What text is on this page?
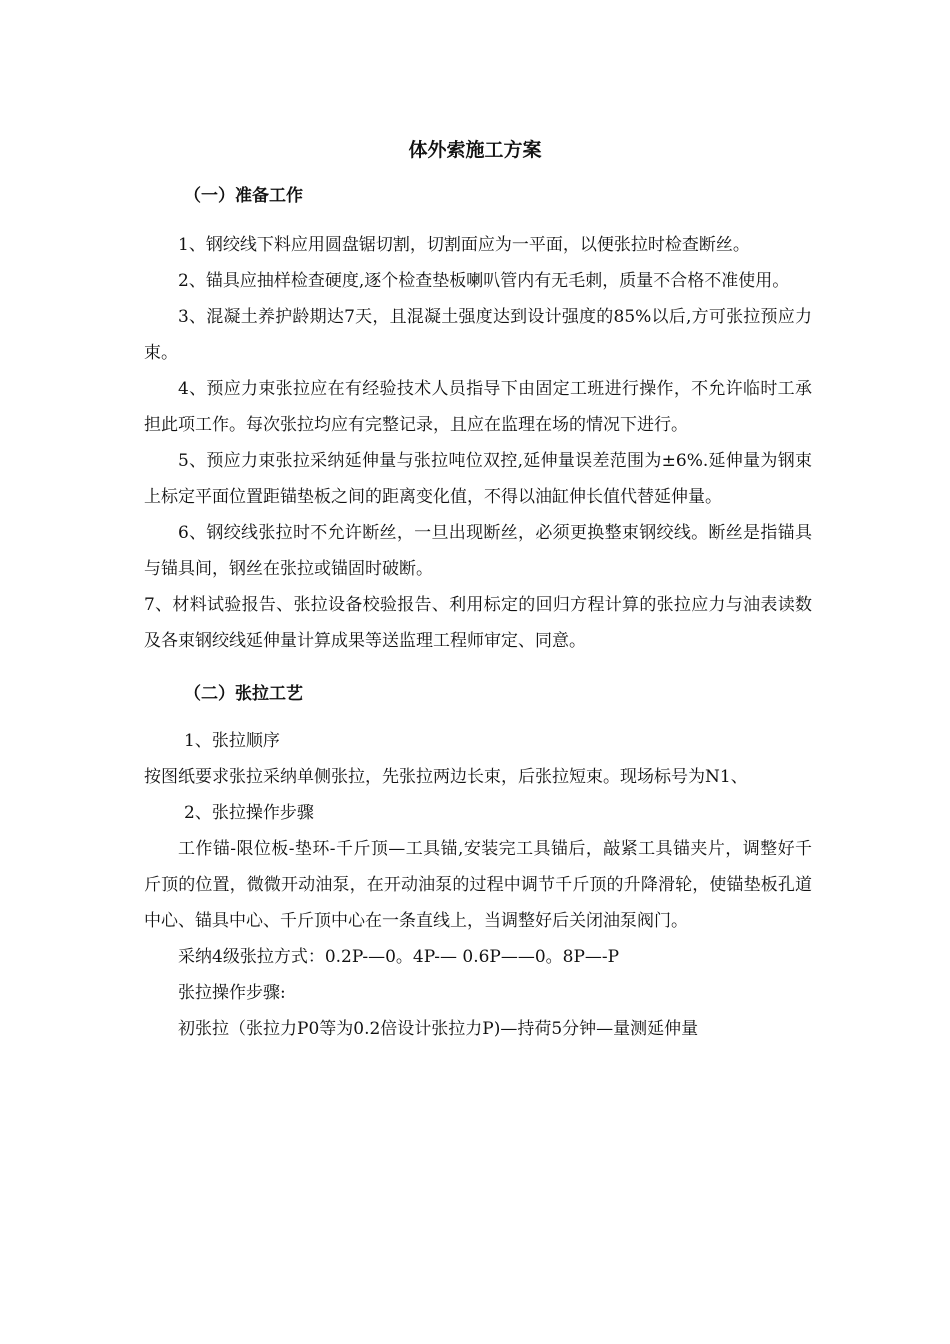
体外索施工方案
（一）准备工作

1、钢绞线下料应用圆盘锯切割，切割面应为一平面，以便张拉时检查断丝。

2、锚具应抽样检查硬度,逐个检查垫板喇叭管内有无毛刺，质量不合格不准使用。

3、混凝土养护龄期达7天，且混凝土强度达到设计强度的85%以后,方可张拉预应力束。

4、预应力束张拉应在有经验技术人员指导下由固定工班进行操作，不允许临时工承担此项工作。每次张拉均应有完整记录，且应在监理在场的情况下进行。

5、预应力束张拉采纳延伸量与张拉吨位双控,延伸量误差范围为±6%.延伸量为钢束上标定平面位置距锚垫板之间的距离变化值，不得以油缸伸长值代替延伸量。

6、钢绞线张拉时不允许断丝，一旦出现断丝，必须更换整束钢绞线。断丝是指锚具与锚具间，钢丝在张拉或锚固时破断。

7、材料试验报告、张拉设备校验报告、利用标定的回归方程计算的张拉应力与油表读数及各束钢绞线延伸量计算成果等送监理工程师审定、同意。

（二）张拉工艺

1、张拉顺序

按图纸要求张拉采纳单侧张拉，先张拉两边长束，后张拉短束。现场标号为N1、

2、张拉操作步骤

工作锚-限位板-垫环-千斤顶—工具锚,安装完工具锚后，敲紧工具锚夹片，调整好千斤顶的位置，微微开动油泵，在开动油泵的过程中调节千斤顶的升降滑轮，使锚垫板孔道中心、锚具中心、千斤顶中心在一条直线上，当调整好后关闭油泵阀门。

采纳4级张拉方式：0.2P-—0。4P-— 0.6P——0。8P—-P

张拉操作步骤:

初张拉（张拉力P0等为0.2倍设计张拉力P)—持荷5分钟—量测延伸量
